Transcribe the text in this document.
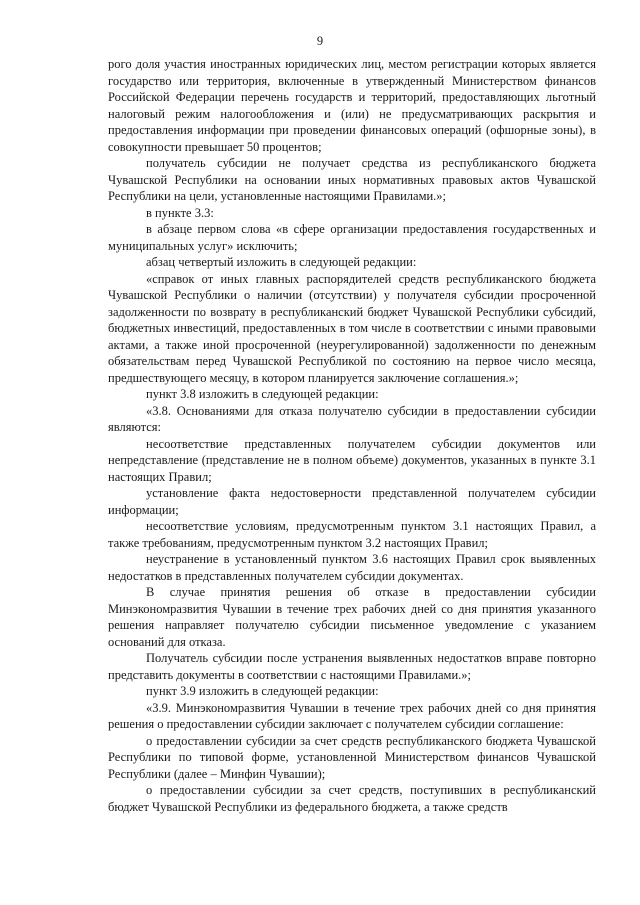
9

рого доля участия иностранных юридических лиц, местом регистрации которых является государство или территория, включенные в утвержденный Министерством финансов Российской Федерации перечень государств и территорий, предоставляющих льготный налоговый режим налогообложения и (или) не предусматривающих раскрытия и предоставления информации при проведении финансовых операций (офшорные зоны), в совокупности превышает 50 процентов;

получатель субсидии не получает средства из республиканского бюджета Чувашской Республики на основании иных нормативных правовых актов Чувашской Республики на цели, установленные настоящими Правилами.»;

в пункте 3.3:

в абзаце первом слова «в сфере организации предоставления государственных и муниципальных услуг» исключить;

абзац четвертый изложить в следующей редакции:

«справок от иных главных распорядителей средств республиканского бюджета Чувашской Республики о наличии (отсутствии) у получателя субсидии просроченной задолженности по возврату в республиканский бюджет Чувашской Республики субсидий, бюджетных инвестиций, предоставленных в том числе в соответствии с иными правовыми актами, а также иной просроченной (неурегулированной) задолженности по денежным обязательствам перед Чувашской Республикой по состоянию на первое число месяца, предшествующего месяцу, в котором планируется заключение соглашения.»;

пункт 3.8 изложить в следующей редакции:

«3.8. Основаниями для отказа получателю субсидии в предоставлении субсидии являются:

несоответствие представленных получателем субсидии документов или непредставление (представление не в полном объеме) документов, указанных в пункте 3.1 настоящих Правил;

установление факта недостоверности представленной получателем субсидии информации;

несоответствие условиям, предусмотренным пунктом 3.1 настоящих Правил, а также требованиям, предусмотренным пунктом 3.2 настоящих Правил;

неустранение в установленный пунктом 3.6 настоящих Правил срок выявленных недостатков в представленных получателем субсидии документах.

В случае принятия решения об отказе в предоставлении субсидии Минэкономразвития Чувашии в течение трех рабочих дней со дня принятия указанного решения направляет получателю субсидии письменное уведомление с указанием оснований для отказа.

Получатель субсидии после устранения выявленных недостатков вправе повторно представить документы в соответствии с настоящими Правилами.»;

пункт 3.9 изложить в следующей редакции:

«3.9. Минэкономразвития Чувашии в течение трех рабочих дней со дня принятия решения о предоставлении субсидии заключает с получателем субсидии соглашение:

о предоставлении субсидии за счет средств республиканского бюджета Чувашской Республики по типовой форме, установленной Министерством финансов Чувашской Республики (далее – Минфин Чувашии);

о предоставлении субсидии за счет средств, поступивших в республиканский бюджет Чувашской Республики из федерального бюджета, а также средств
